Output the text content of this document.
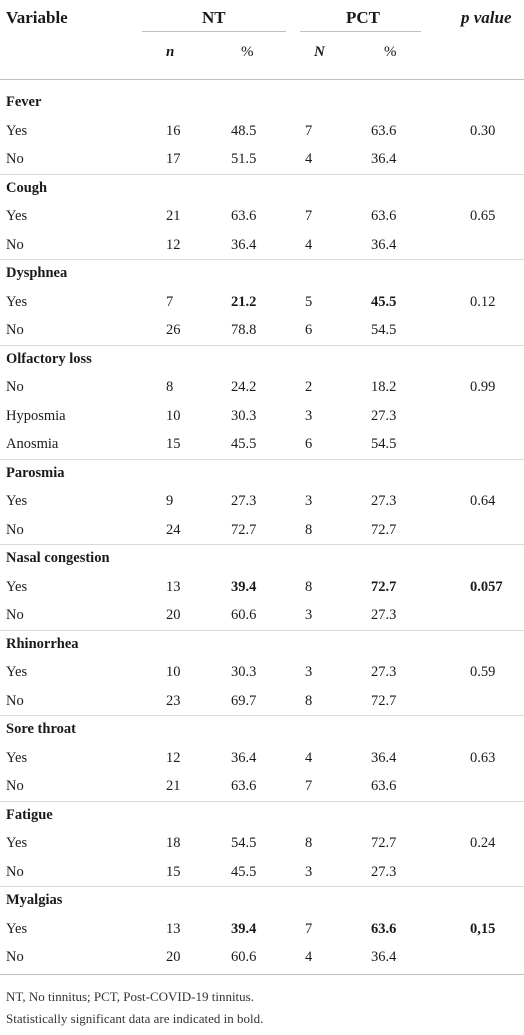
Variable	NT	PCT	p value
n	%	N	%
Fever
Yes	16	48.5	7	63.6	0.30
No	17	51.5	4	36.4
Cough
Yes	21	63.6	7	63.6	0.65
No	12	36.4	4	36.4
Dysphnea
Yes	7	21.2	5	45.5	0.12
No	26	78.8	6	54.5
Olfactory loss
No	8	24.2	2	18.2	0.99
Hyposmia	10	30.3	3	27.3
Anosmia	15	45.5	6	54.5
Parosmia
Yes	9	27.3	3	27.3	0.64
No	24	72.7	8	72.7
Nasal congestion
Yes	13	39.4	8	72.7	0.057
No	20	60.6	3	27.3
Rhinorrhea
Yes	10	30.3	3	27.3	0.59
No	23	69.7	8	72.7
Sore throat
Yes	12	36.4	4	36.4	0.63
No	21	63.6	7	63.6
Fatigue
Yes	18	54.5	8	72.7	0.24
No	15	45.5	3	27.3
Myalgias
Yes	13	39.4	7	63.6	0,15
No	20	60.6	4	36.4
NT, No tinnitus; PCT, Post-COVID-19 tinnitus.
Statistically significant data are indicated in bold.
